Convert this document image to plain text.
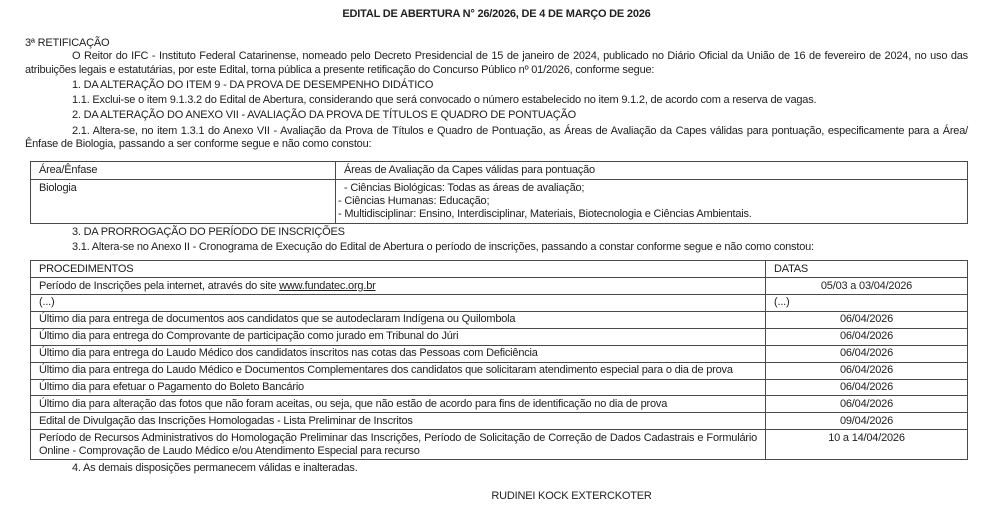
EDITAL DE ABERTURA N° 26/2026, DE 4 DE MARÇO DE 2026
3ª RETIFICAÇÃO

O Reitor do IFC - Instituto Federal Catarinense, nomeado pelo Decreto Presidencial de 15 de janeiro de 2024, publicado no Diário Oficial da União de 16 de fevereiro de 2024, no uso das atribuições legais e estatutárias, por este Edital, torna pública a presente retificação do Concurso Público nº 01/2026, conforme segue:

1. DA ALTERAÇÃO DO ITEM 9 - DA PROVA DE DESEMPENHO DIDÁTICO

1.1. Exclui-se o item 9.1.3.2 do Edital de Abertura, considerando que será convocado o número estabelecido no item 9.1.2, de acordo com a reserva de vagas.

2. DA ALTERAÇÃO DO ANEXO VII - AVALIAÇÃO DA PROVA DE TÍTULOS E QUADRO DE PONTUAÇÃO

2.1. Altera-se, no item 1.3.1 do Anexo VII - Avaliação da Prova de Títulos e Quadro de Pontuação, as Áreas de Avaliação da Capes válidas para pontuação, especificamente para a Área/Ênfase de Biologia, passando a ser conforme segue e não como constou:

Área/Ênfase	Áreas de Avaliação da Capes válidas para pontuação
Biologia	- Ciências Biológicas: Todas as áreas de avaliação;
- Ciências Humanas: Educação;
- Multidisciplinar: Ensino, Interdisciplinar, Materiais, Biotecnologia e Ciências Ambientais.

3. DA PRORROGAÇÃO DO PERÍODO DE INSCRIÇÕES

3.1. Altera-se no Anexo II - Cronograma de Execução do Edital de Abertura o período de inscrições, passando a constar conforme segue e não como constou:

PROCEDIMENTOS	DATAS
Período de Inscrições pela internet, através do site www.fundatec.org.br	05/03 a 03/04/2026
(...)	(...)
Último dia para entrega de documentos aos candidatos que se autodeclaram Indígena ou Quilombola	06/04/2026
Último dia para entrega do Comprovante de participação como jurado em Tribunal do Júri	06/04/2026
Último dia para entrega do Laudo Médico dos candidatos inscritos nas cotas das Pessoas com Deficiência	06/04/2026
Último dia para entrega do Laudo Médico e Documentos Complementares dos candidatos que solicitaram atendimento especial para o dia de prova	06/04/2026
Último dia para efetuar o Pagamento do Boleto Bancário	06/04/2026
Último dia para alteração das fotos que não foram aceitas, ou seja, que não estão de acordo para fins de identificação no dia de prova	06/04/2026
Edital de Divulgação das Inscrições Homologadas - Lista Preliminar de Inscritos	09/04/2026
Período de Recursos Administrativos do Homologação Preliminar das Inscrições, Período de Solicitação de Correção de Dados Cadastrais e Formulário Online - Comprovação de Laudo Médico e/ou Atendimento Especial para recurso	10 a 14/04/2026

4. As demais disposições permanecem válidas e inalteradas.

RUDINEI KOCK EXTERCKOTER
